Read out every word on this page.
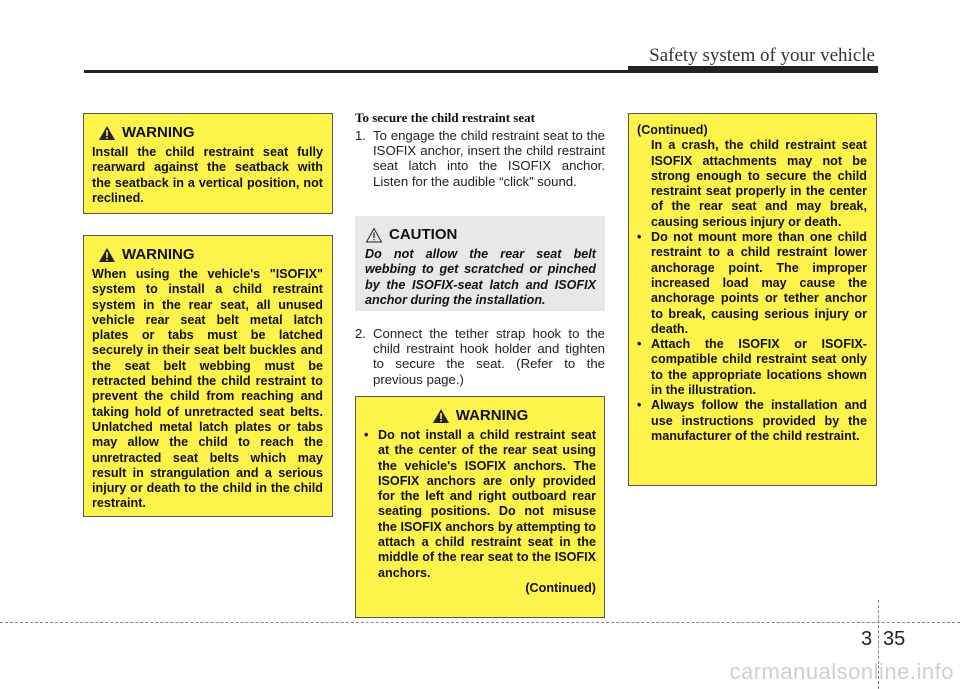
Safety system of your vehicle
WARNING

Install the child restraint seat fully rearward against the seatback with the seatback in a vertical position, not reclined.

WARNING

When using the vehicle's "ISOFIX" system to install a child restraint system in the rear seat, all unused vehicle rear seat belt metal latch plates or tabs must be latched securely in their seat belt buckles and the seat belt webbing must be retracted behind the child restraint to prevent the child from reaching and taking hold of unretracted seat belts. Unlatched metal latch plates or tabs may allow the child to reach the unretracted seat belts which may result in strangulation and a serious injury or death to the child in the child restraint.

To secure the child restraint seat
1. To engage the child restraint seat to the ISOFIX anchor, insert the child restraint seat latch into the ISOFIX anchor. Listen for the audible “click” sound.
CAUTION

Do not allow the rear seat belt webbing to get scratched or pinched by the ISOFIX-seat latch and ISOFIX anchor during the installation.

2. Connect the tether strap hook to the child restraint hook holder and tighten to secure the seat. (Refer to the previous page.)
WARNING
• Do not install a child restraint seat at the center of the rear seat using the vehicle's ISOFIX anchors. The ISOFIX anchors are only provided for the left and right outboard rear seating positions. Do not misuse the ISOFIX anchors by attempting to attach a child restraint seat in the middle of the rear seat to the ISOFIX anchors.
(Continued)
(Continued)

In a crash, the child restraint seat ISOFIX attachments may not be strong enough to secure the child restraint seat properly in the center of the rear seat and may break, causing serious injury or death.

• Do not mount more than one child restraint to a child restraint lower anchorage point. The improper increased load may cause the anchorage points or tether anchor to break, causing serious injury or death.
• Attach the ISOFIX or ISOFIX-compatible child restraint seat only to the appropriate locations shown in the illustration.
• Always follow the installation and use instructions provided by the manufacturer of the child restraint.
3 35
carmanualsonline.info
